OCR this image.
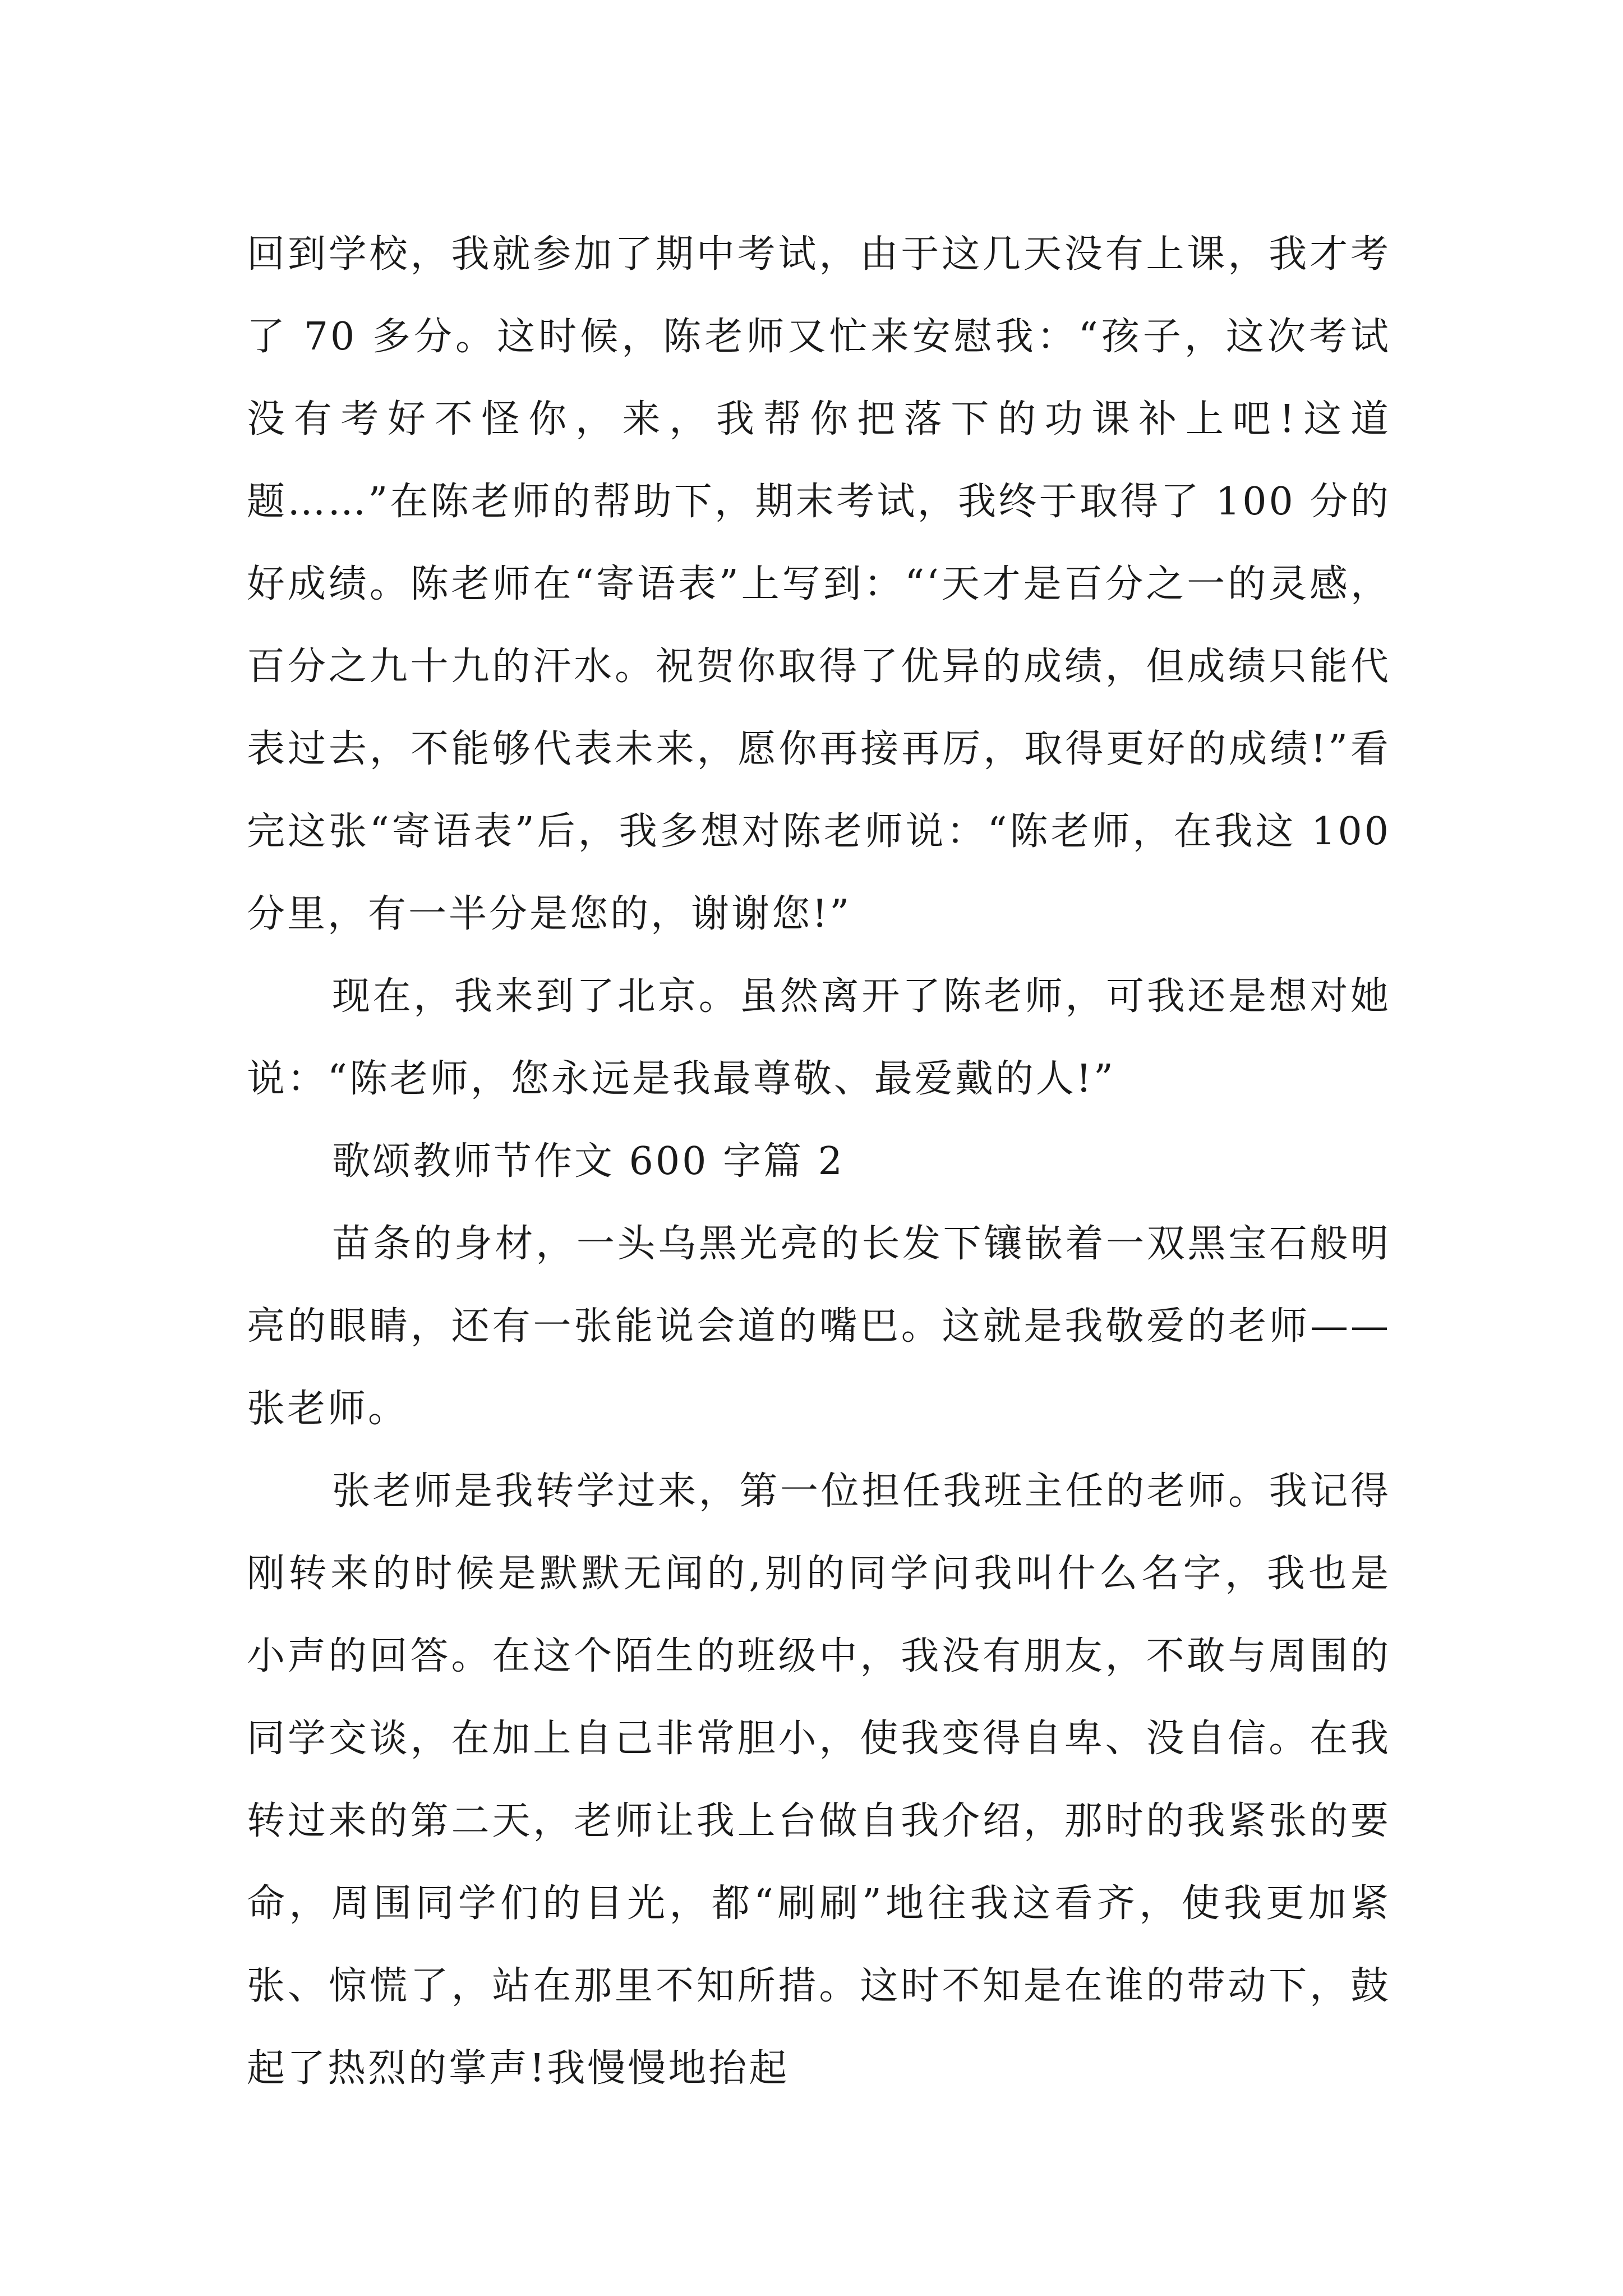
回到学校，我就参加了期中考试，由于这几天没有上课，我才考了 70 多分。这时候，陈老师又忙来安慰我：“孩子，这次考试没有考好不怪你，来，我帮你把落下的功课补上吧!这道题……”在陈老师的帮助下，期末考试，我终于取得了 100 分的好成绩。陈老师在“寄语表”上写到：“‘天才是百分之一的灵感，百分之九十九的汗水。祝贺你取得了优异的成绩，但成绩只能代表过去，不能够代表未来，愿你再接再厉，取得更好的成绩!”看完这张“寄语表”后，我多想对陈老师说：“陈老师，在我这 100 分里，有一半分是您的，谢谢您!”

现在，我来到了北京。虽然离开了陈老师，可我还是想对她说：“陈老师，您永远是我最尊敬、最爱戴的人!”

歌颂教师节作文 600 字篇 2

苗条的身材，一头乌黑光亮的长发下镶嵌着一双黑宝石般明亮的眼睛，还有一张能说会道的嘴巴。这就是我敬爱的老师——张老师。

张老师是我转学过来，第一位担任我班主任的老师。我记得刚转来的时候是默默无闻的,别的同学问我叫什么名字，我也是小声的回答。在这个陌生的班级中，我没有朋友，不敢与周围的同学交谈，在加上自己非常胆小，使我变得自卑、没自信。在我转过来的第二天，老师让我上台做自我介绍，那时的我紧张的要命，周围同学们的目光，都“刷刷”地往我这看齐，使我更加紧张、惊慌了，站在那里不知所措。这时不知是在谁的带动下，鼓起了热烈的掌声!我慢慢地抬起
